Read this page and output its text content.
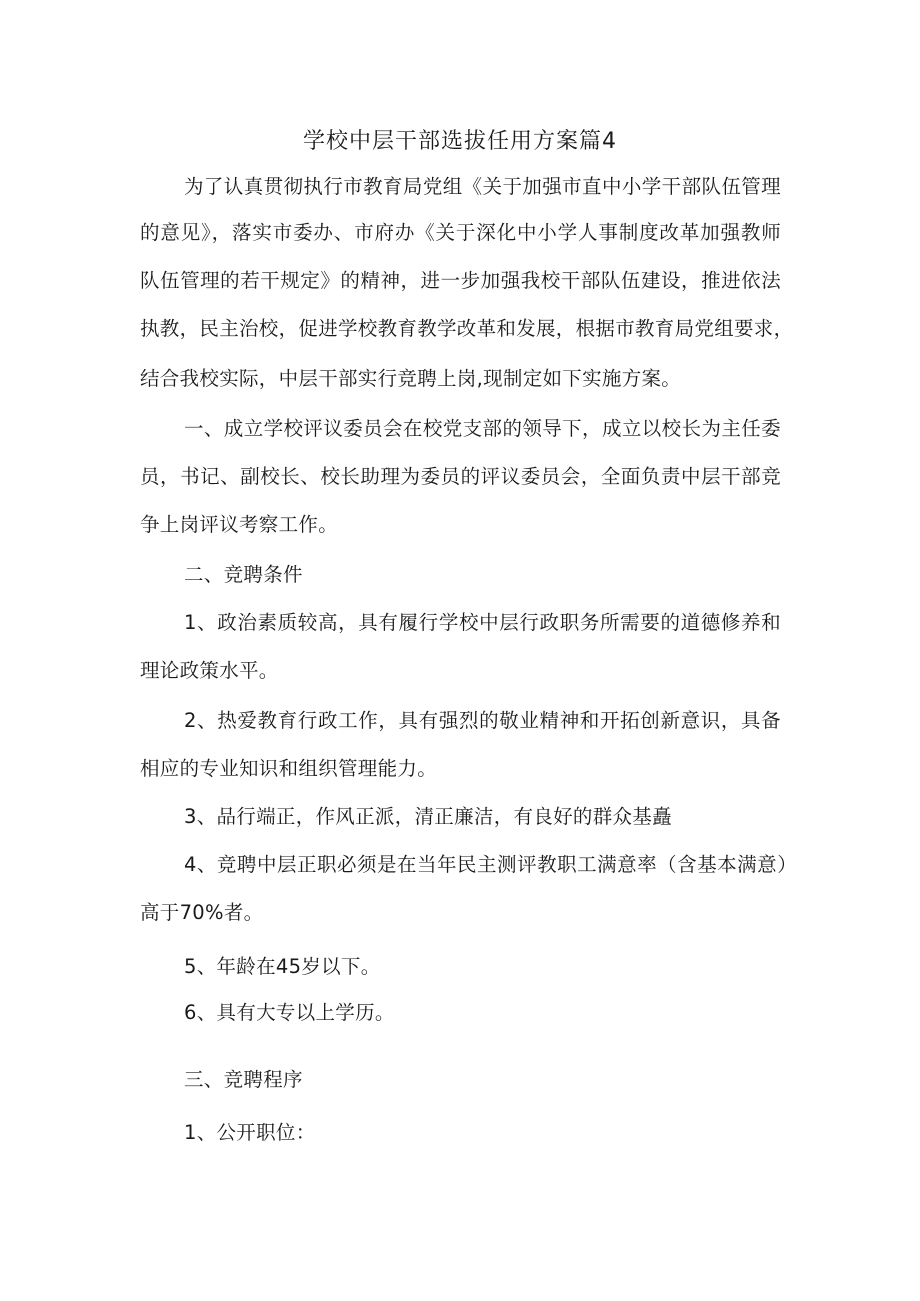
学校中层干部选拔任用方案篇4
为了认真贯彻执行市教育局党组《关于加强市直中小学干部队伍管理
的意见》，落实市委办、市府办《关于深化中小学人事制度改革加强教师
队伍管理的若干规定》的精神，进一步加强我校干部队伍建设，推进依法
执教，民主治校，促进学校教育教学改革和发展，根据市教育局党组要求，
结合我校实际，中层干部实行竞聘上岗,现制定如下实施方案。
一、成立学校评议委员会在校党支部的领导下，成立以校长为主任委
员，书记、副校长、校长助理为委员的评议委员会，全面负责中层干部竞
争上岗评议考察工作。
二、竞聘条件
1、政治素质较高，具有履行学校中层行政职务所需要的道德修养和
理论政策水平。
2、热爱教育行政工作，具有强烈的敬业精神和开拓创新意识，具备
相应的专业知识和组织管理能力。
3、品行端正，作风正派，清正廉洁，有良好的群众基矗
4、竞聘中层正职必须是在当年民主测评教职工满意率（含基本满意）
高于70%者。
5、年龄在45岁以下。
6、具有大专以上学历。
三、竞聘程序
1、公开职位：
